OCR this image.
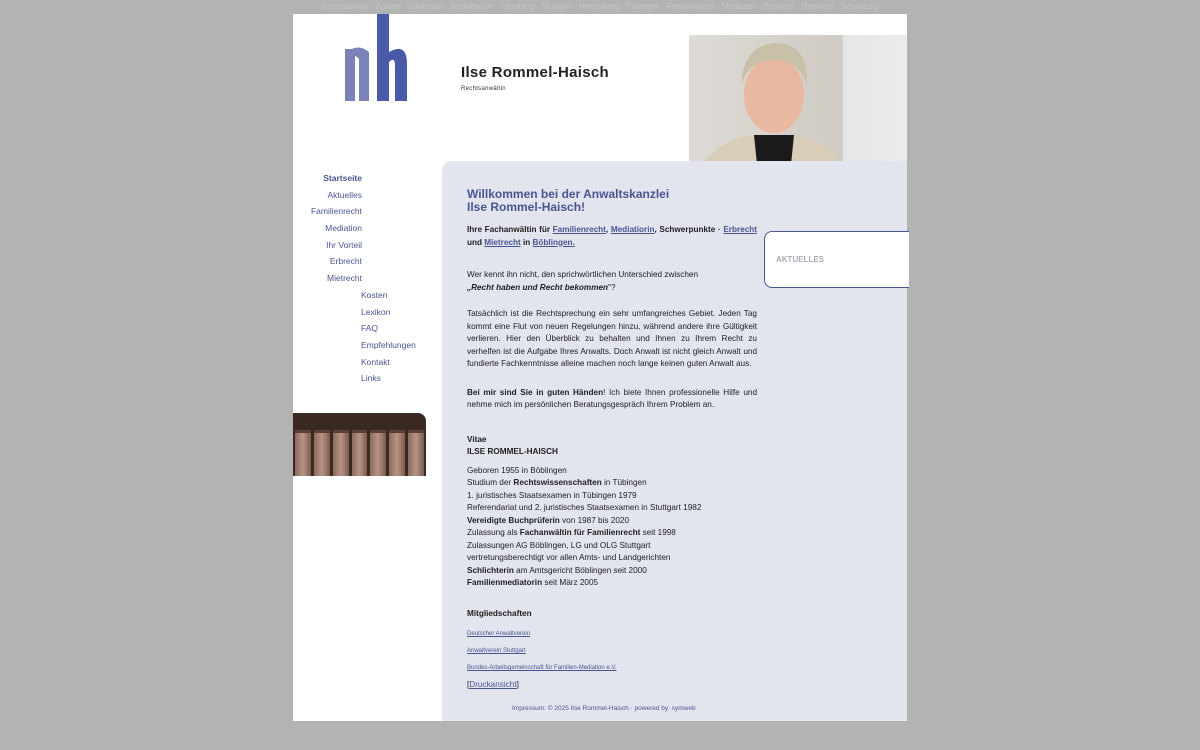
Rechtsanwalt · Anwalt · Böblingen · Sindelfingen · Leonberg · Stuttgart · Herrenberg · Tübingen · Familienrecht · Mediation · Erbrecht · Mietrecht · Scheidung
Ilse Rommel-Haisch
Rechtsanwältin
Startseite
Aktuelles
Familienrecht
Mediation
Ihr Vorteil
Erbrecht
Mietrecht
Kosten
Lexikon
FAQ
Empfehlungen
Kontakt
Links
Willkommen bei der Anwaltskanzlei
Ilse Rommel-Haisch!

Ihre Fachanwältin für Familienrecht, Mediatiorin, Schwerpunkte · Erbrecht und Mietrecht in Böblingen.

Wer kennt ihn nicht, den sprichwörtlichen Unterschied zwischen
„Recht haben und Recht bekommen"?

Tatsächlich ist die Rechtsprechung ein sehr umfangreiches Gebiet. Jeden Tag kommt eine Flut von neuen Regelungen hinzu, während andere ihre Gültigkeit verlieren. Hier den Überblick zu behalten und Ihnen zu Ihrem Recht zu verhelfen ist die Aufgabe Ihres Anwalts. Doch Anwalt ist nicht gleich Anwalt und fundierte Fachkenntnisse alleine machen noch lange keinen guten Anwalt aus.

Bei mir sind Sie in guten Händen! Ich biete Ihnen professionelle Hilfe und nehme mich im persönlichen Beratungsgespräch Ihrem Problem an.

Vitae
ILSE ROMMEL-HAISCH
Geboren 1955 in Böblingen
Studium der Rechtswissenschaften in Tübingen
1. juristisches Staatsexamen in Tübingen 1979
Referendariat und 2. juristisches Staatsexamen in Stuttgart 1982
Vereidigte Buchprüferin von 1987 bis 2020
Zulassung als Fachanwältin für Familienrecht seit 1998
Zulassungen AG Böblingen, LG und OLG Stuttgart
vertretungsberechtigt vor allen Amts- und Landgerichten
Schlichterin am Amtsgericht Böblingen seit 2000
Familienmediatorin seit März 2005
Mitgliedschaften
Deutscher Anwaltverein
Anwaltverein Stuttgart
Bundes-Arbeitsgemeinschaft für Familien-Mediation e.V.
[Druckansicht]
Impressum: © 2025 Ilse Rommel-Haisch · powered by: symweb
AKTUELLES
